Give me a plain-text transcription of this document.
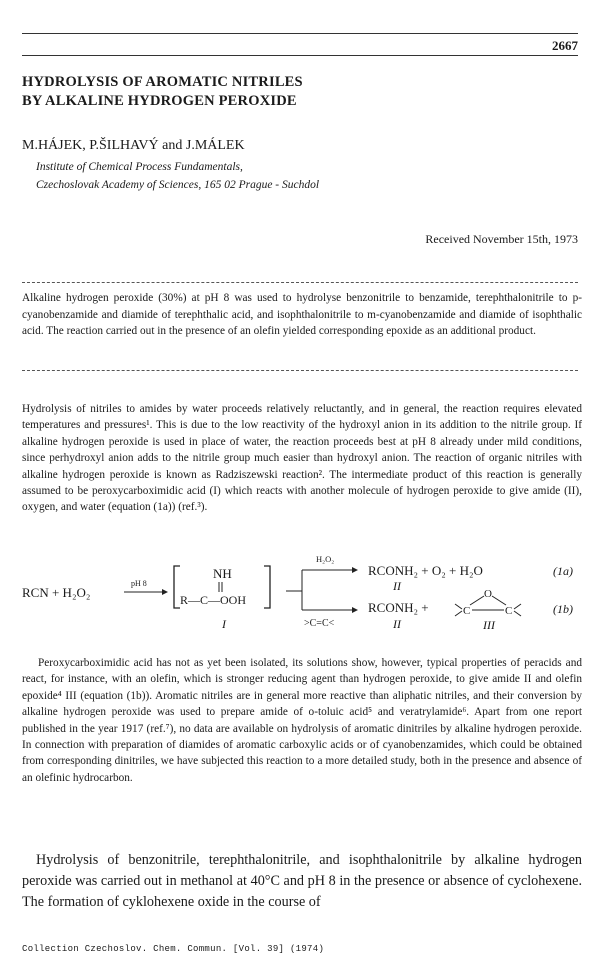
2667
HYDROLYSIS OF AROMATIC NITRILES
BY ALKALINE HYDROGEN PEROXIDE
M.HÁJEK, P.ŠILHAVÝ and J.MÁLEK
Institute of Chemical Process Fundamentals,
Czechoslovak Academy of Sciences, 165 02 Prague - Suchdol
Received November 15th, 1973
Alkaline hydrogen peroxide (30%) at pH 8 was used to hydrolyse benzonitrile to benzamide, terephthalonitrile to p-cyanobenzamide and diamide of terephthalic acid, and isophthalonitrile to m-cyanobenzamide and diamide of isophthalic acid. The reaction carried out in the presence of an olefin yielded corresponding epoxide as an additional product.
Hydrolysis of nitriles to amides by water proceeds relatively reluctantly, and in general, the reaction requires elevated temperatures and pressures¹. This is due to the low reactivity of the hydroxyl anion in its addition to the nitrile group. If alkaline hydrogen peroxide is used in place of water, the reaction proceeds best at pH 8 already under mild conditions, since perhydroxyl anion adds to the nitrile group much easier than hydroxyl anion. The reaction of organic nitriles with alkaline hydrogen peroxide is known as Radziszewski reaction². The intermediate product of this reaction is generally assumed to be peroxycarboximidic acid (I) which reacts with another molecule of hydrogen peroxide to give amide (II), oxygen, and water (equation (1a)) (ref.³).
RCN + H₂O₂
pH 8
NH
R—C—OOH
I
H₂O₂
>C=C<
RCONH₂ + O₂ + H₂O
II
(1a)
RCONH₂ +
II
C	C
O
III
(1b)
Peroxycarboximidic acid has not as yet been isolated, its solutions show, however, typical properties of peracids and react, for instance, with an olefin, which is stronger reducing agent than hydrogen peroxide, to give amide II and olefin epoxide⁴ III (equation (1b)). Aromatic nitriles are in general more reactive than aliphatic nitriles, and their conversion by alkaline hydrogen peroxide was used to prepare amide of o-toluic acid⁵ and veratrylamide⁶. Apart from one report published in the year 1917 (ref.⁷), no data are available on hydrolysis of aromatic dinitriles by alkaline hydrogen peroxide. In connection with preparation of diamides of aromatic carboxylic acids or of cyanobenzamides, which could be obtained from corresponding dinitriles, we have subjected this reaction to a more detailed study, both in the presence and absence of an olefinic hydrocarbon.
Hydrolysis of benzonitrile, terephthalonitrile, and isophthalonitrile by alkaline hydrogen peroxide was carried out in methanol at 40°C and pH 8 in the presence or absence of cyclohexene. The formation of cyklohexene oxide in the course of
Collection Czechoslov. Chem. Commun. [Vol. 39] (1974)
